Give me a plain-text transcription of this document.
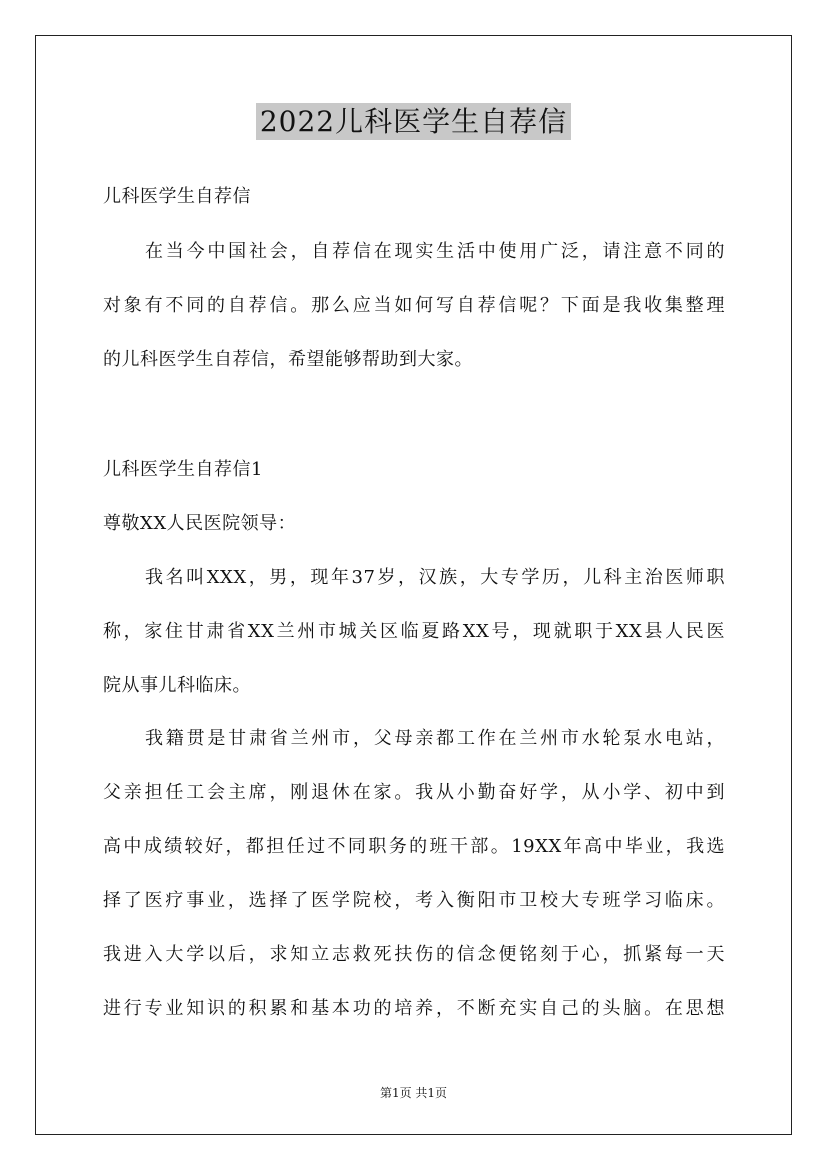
2022儿科医学生自荐信
儿科医学生自荐信
在当今中国社会，自荐信在现实生活中使用广泛，请注意不同的
对象有不同的自荐信。那么应当如何写自荐信呢？下面是我收集整理
的儿科医学生自荐信，希望能够帮助到大家。
儿科医学生自荐信1
尊敬XX人民医院领导：
我名叫XXX，男，现年37岁，汉族，大专学历，儿科主治医师职
称，家住甘肃省XX兰州市城关区临夏路XX号，现就职于XX县人民医
院从事儿科临床。
我籍贯是甘肃省兰州市，父母亲都工作在兰州市水轮泵水电站，
父亲担任工会主席，刚退休在家。我从小勤奋好学，从小学、初中到
高中成绩较好，都担任过不同职务的班干部。19XX年高中毕业，我选
择了医疗事业，选择了医学院校，考入衡阳市卫校大专班学习临床。
我进入大学以后，求知立志救死扶伤的信念便铭刻于心，抓紧每一天
进行专业知识的积累和基本功的培养，不断充实自己的头脑。在思想
第1页 共1页
